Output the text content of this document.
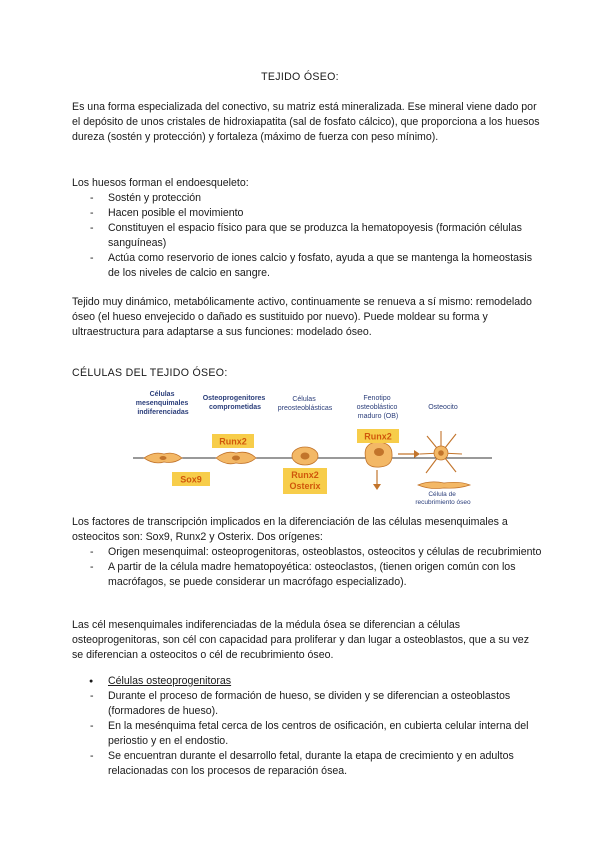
TEJIDO ÓSEO:

Es una forma especializada del conectivo, su matriz está mineralizada. Ese mineral viene dado por el depósito de unos cristales de hidroxiapatita (sal de fosfato cálcico), que proporciona a los huesos dureza (sostén y protección) y fortaleza (máximo de fuerza con peso mínimo).

Los huesos forman el endoesqueleto:

- Sostén y protección
- Hacen posible el movimiento
- Constituyen el espacio físico para que se produzca la hematopoyesis (formación células sanguíneas)
- Actúa como reservorio de iones calcio y fosfato, ayuda a que se mantenga la homeostasis de los niveles de calcio en sangre.

Tejido muy dinámico, metabólicamente activo, continuamente se renueva a sí mismo: remodelado óseo (el hueso envejecido o dañado es sustituido por nuevo). Puede moldear su forma y ultraestructura para adaptarse a sus funciones: modelado óseo.

CÉLULAS DEL TEJIDO ÓSEO:
Células mesenquimales indiferenciadas
Osteoprogenitores comprometidas
Células preosteoblásticas
Fenotipo osteoblástico maduro (OB)
Osteocito
Célula de recubrimiento óseo
Runx2
Sox9	Runx2
Osterix
Runx2

Los factores de transcripción implicados en la diferenciación de las células mesenquimales a osteocitos son: Sox9, Runx2 y Osterix. Dos orígenes:

- Origen mesenquimal: osteoprogenitoras, osteoblastos, osteocitos y células de recubrimiento
- A partir de la célula madre hematopoyética: osteoclastos, (tienen origen común con los macrófagos, se puede considerar un macrófago especializado).

Las cél mesenquimales indiferenciadas de la médula ósea se diferencian a células osteoprogenitoras, son cél con capacidad para proliferar y dan lugar a osteoblastos, que a su vez se diferencian a osteocitos o cél de recubrimiento óseo.

● Células osteoprogenitoras
- Durante el proceso de formación de hueso, se dividen y se diferencian a osteoblastos (formadores de hueso).
- En la mesénquima fetal cerca de los centros de osificación, en cubierta celular interna del periostio y en el endostio.
- Se encuentran durante el desarrollo fetal, durante la etapa de crecimiento y en adultos relacionadas con los procesos de reparación ósea.
